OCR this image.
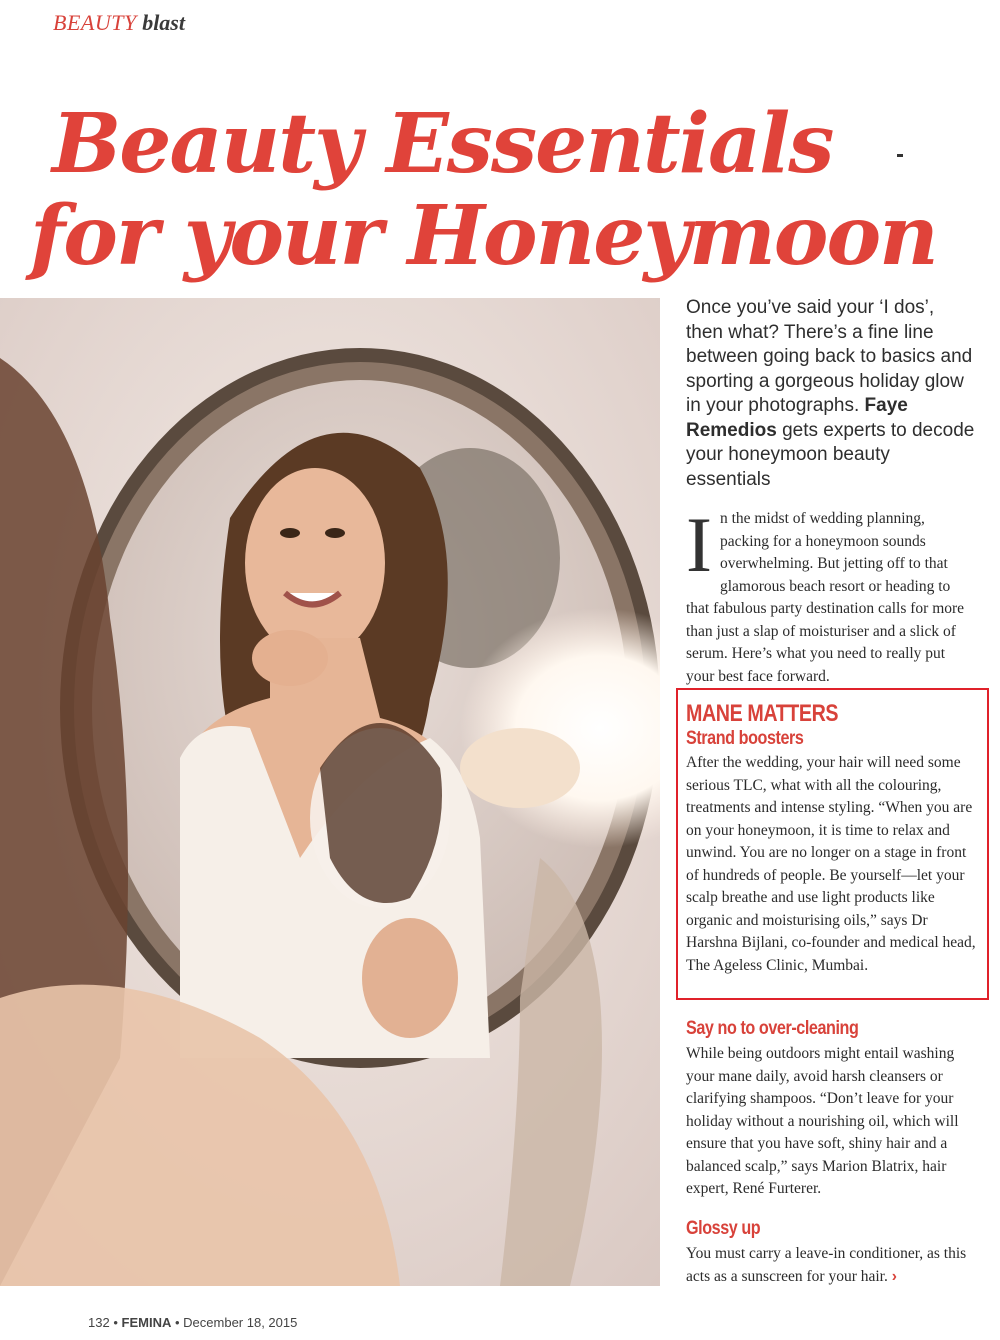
BEAUTY blast
Beauty Essentials
for your Honeymoon
Once you’ve said your ‘I dos’, then what? There’s a fine line between going back to basics and sporting a gorgeous holiday glow in your photographs. Faye Remedios gets experts to decode your honeymoon beauty essentials
I n the midst of wedding planning, packing for a honeymoon sounds overwhelming. But jetting off to that glamorous beach resort or heading to that fabulous party destination calls for more than just a slap of moisturiser and a slick of serum. Here’s what you need to really put your best face forward.
MANE MATTERS
Strand boosters
After the wedding, your hair will need some serious TLC, what with all the colouring, treatments and intense styling. “When you are on your honeymoon, it is time to relax and unwind. You are no longer on a stage in front of hundreds of people. Be yourself—let your scalp breathe and use light products like organic and moisturising oils,” says Dr Harshna Bijlani, co-founder and medical head, The Ageless Clinic, Mumbai.
Say no to over-cleaning
While being outdoors might entail washing your mane daily, avoid harsh cleansers or clarifying shampoos. “Don’t leave for your holiday without a nourishing oil, which will ensure that you have soft, shiny hair and a balanced scalp,” says Marion Blatrix, hair expert, René Furterer.
Glossy up
You must carry a leave-in conditioner, as this acts as a sunscreen for your hair. ›
132 • FEMINA • December 18, 2015
